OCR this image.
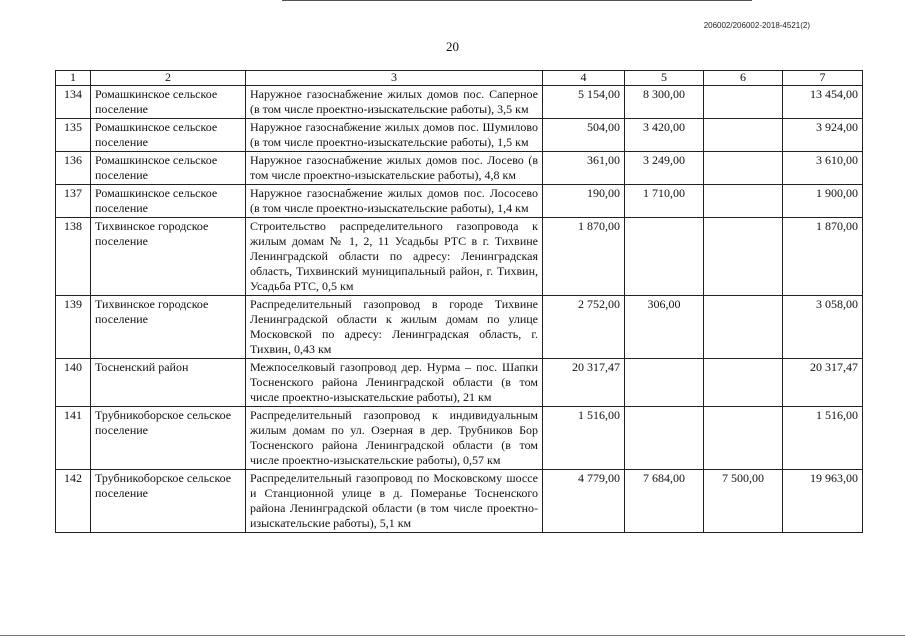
206002/206002-2018-4521(2)
20
1	2	3	4	5	6	7
134	Ромашкинское сельское поселение	Наружное газоснабжение жилых домов пос. Саперное (в том числе проектно-изыскательские работы), 3,5 км	5 154,00	8 300,00		13 454,00
135	Ромашкинское сельское поселение	Наружное газоснабжение жилых домов пос. Шумилово (в том числе проектно-изыскательские работы), 1,5 км	504,00	3 420,00		3 924,00
136	Ромашкинское сельское поселение	Наружное газоснабжение жилых домов пос. Лосево (в том числе проектно-изыскательские работы), 4,8 км	361,00	3 249,00		3 610,00
137	Ромашкинское сельское поселение	Наружное газоснабжение жилых домов пос. Лососево (в том числе проектно-изыскательские работы), 1,4 км	190,00	1 710,00		1 900,00
138	Тихвинское городское поселение	Строительство распределительного газопровода к жилым домам № 1, 2, 11 Усадьбы РТС в г. Тихвине Ленинградской области по адресу: Ленинградская область, Тихвинский муниципальный район, г. Тихвин, Усадьба РТС, 0,5 км	1 870,00			1 870,00
139	Тихвинское городское поселение	Распределительный газопровод в городе Тихвине Ленинградской области к жилым домам по улице Московской по адресу: Ленинградская область, г. Тихвин, 0,43 км	2 752,00	306,00		3 058,00
140	Тосненский район	Межпоселковый газопровод дер. Нурма – пос. Шапки Тосненского района Ленинградской области (в том числе проектно-изыскательские работы), 21 км	20 317,47			20 317,47
141	Трубникоборское сельское поселение	Распределительный газопровод к индивидуальным жилым домам по ул. Озерная в дер. Трубников Бор Тосненского района Ленинградской области (в том числе проектно-изыскательские работы), 0,57 км	1 516,00			1 516,00
142	Трубникоборское сельское поселение	Распределительный газопровод по Московскому шоссе и Станционной улице в д. Померанье Тосненского района Ленинградской области (в том числе проектно-изыскательские работы), 5,1 км	4 779,00	7 684,00	7 500,00	19 963,00
